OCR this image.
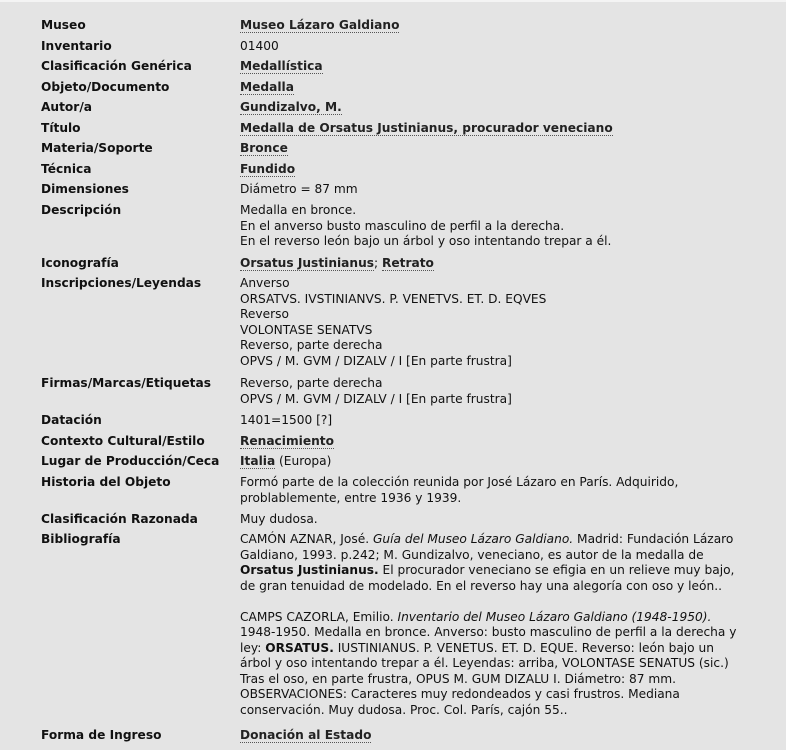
Museo	Museo Lázaro Galdiano
Inventario	01400
Clasificación Genérica	Medallística
Objeto/Documento	Medalla
Autor/a	Gundizalvo, M.
Título	Medalla de Orsatus Justinianus, procurador veneciano
Materia/Soporte	Bronce
Técnica	Fundido
Dimensiones	Diámetro = 87 mm
Descripción	Medalla en bronce.
En el anverso busto masculino de perfil a la derecha.
En el reverso león bajo un árbol y oso intentando trepar a él.
Iconografía	Orsatus Justinianus; Retrato
Inscripciones/Leyendas	Anverso
ORSATVS. IVSTINIANVS. P. VENETVS. ET. D. EQVES
Reverso
VOLONTASE SENATVS
Reverso, parte derecha
OPVS / M. GVM / DIZALV / I [En parte frustra]
Firmas/Marcas/Etiquetas	Reverso, parte derecha
OPVS / M. GVM / DIZALV / I [En parte frustra]
Datación	1401=1500 [?]
Contexto Cultural/Estilo	Renacimiento
Lugar de Producción/Ceca	Italia (Europa)
Historia del Objeto	Formó parte de la colección reunida por José Lázaro en París. Adquirido,
problablemente, entre 1936 y 1939.
Clasificación Razonada	Muy dudosa.
Bibliografía	CAMÓN AZNAR, José. Guía del Museo Lázaro Galdiano. Madrid: Fundación Lázaro
Galdiano, 1993. p.242; M. Gundizalvo, veneciano, es autor de la medalla de
Orsatus Justinianus. El procurador veneciano se efigia en un relieve muy bajo,
de gran tenuidad de modelado. En el reverso hay una alegoría con oso y león..
CAMPS CAZORLA, Emilio. Inventario del Museo Lázaro Galdiano (1948-1950).
1948-1950. Medalla en bronce. Anverso: busto masculino de perfil a la derecha y
ley: ORSATUS. IUSTINIANUS. P. VENETUS. ET. D. EQUE. Reverso: león bajo un
árbol y oso intentando trepar a él. Leyendas: arriba, VOLONTASE SENATUS (sic.)
Tras el oso, en parte frustra, OPUS M. GUM DIZALU I. Diámetro: 87 mm.
OBSERVACIONES: Caracteres muy redondeados y casi frustros. Mediana
conservación. Muy dudosa. Proc. Col. París, cajón 55..
Forma de Ingreso	Donación al Estado
